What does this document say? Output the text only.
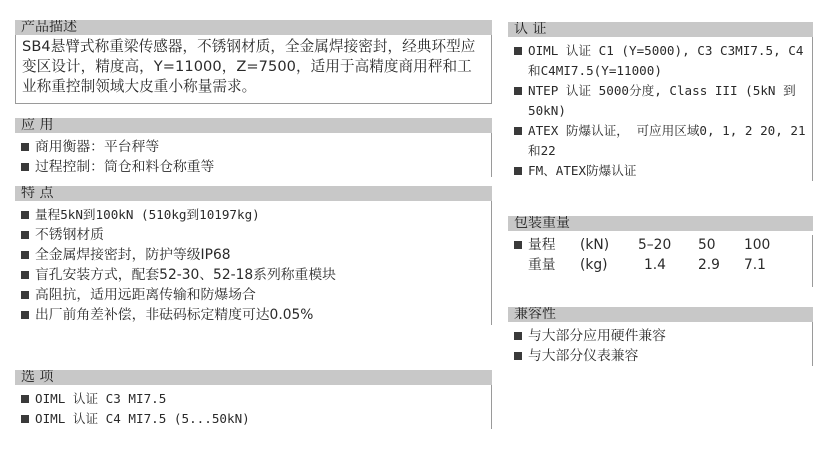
产品描述
SB4悬臂式称重梁传感器，不锈钢材质，全金属焊接密封，经典环型应变区设计，精度高，Y=11000，Z=7500，适用于高精度商用秤和工业称重控制领域大皮重小称量需求。
应 用
商用衡器：平台秤等
过程控制：筒仓和料仓称重等
特 点
量程5kN到100kN (510kg到10197kg)
不锈钢材质
全金属焊接密封，防护等级IP68
盲孔安装方式，配套52-30、52-18系列称重模块
高阻抗，适用远距离传输和防爆场合
出厂前角差补偿，非砝码标定精度可达0.05%
选 项
OIML 认证 C3 MI7.5
OIML 认证 C4 MI7.5 (5...50kN)
认 证
OIML 认证 C1 (Y=5000), C3 C3MI7.5, C4和C4MI7.5(Y=11000)
NTEP 认证 5000分度, Class III (5kN 到 50kN)
ATEX 防爆认证， 可应用区域0, 1, 2 20, 21和22
FM、ATEX防爆认证
包装重量
	量程	(kN)	5–20	50	100
	重量	(kg)	1.4	2.9	7.1
兼容性
与大部分应用硬件兼容
与大部分仪表兼容
